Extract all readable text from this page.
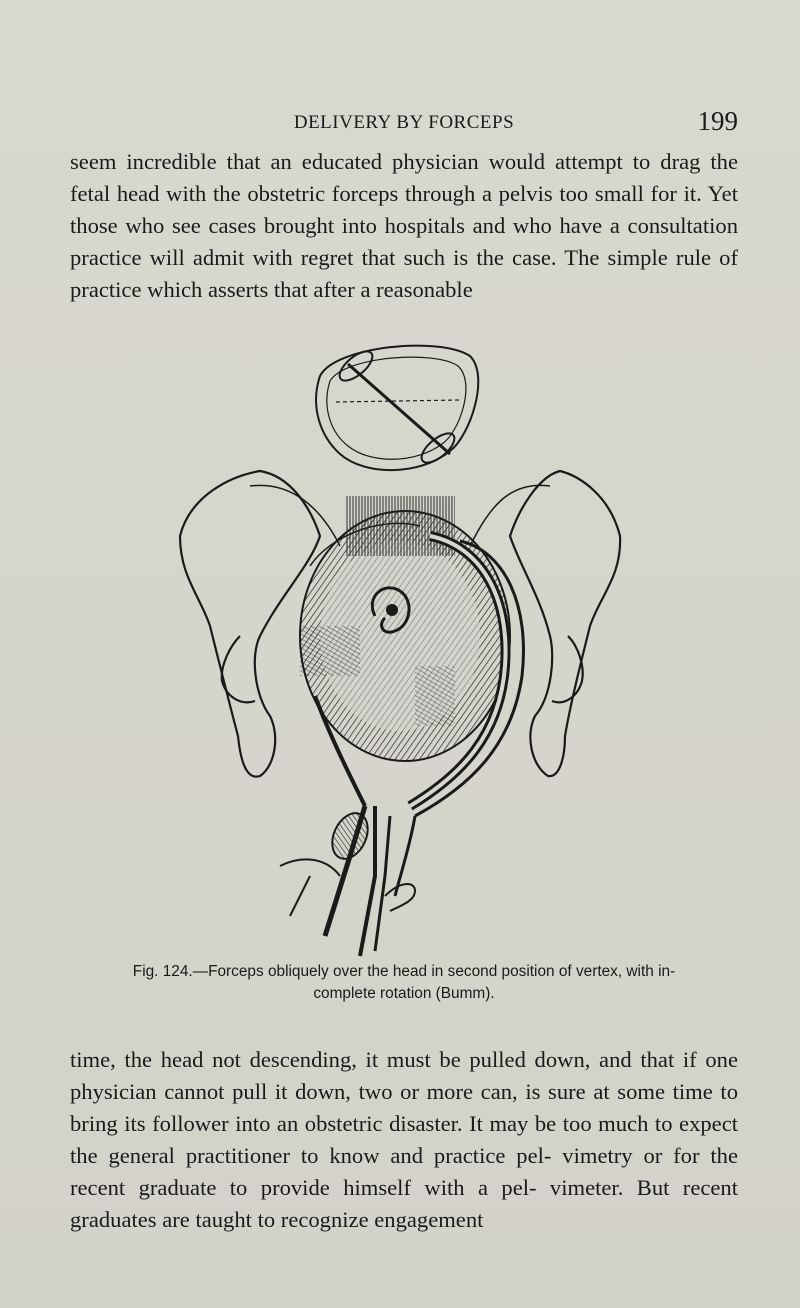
DELIVERY BY FORCEPS	199

seem incredible that an educated physician would attempt to drag the fetal head with the obstetric forceps through a pelvis too small for it. Yet those who see cases brought into hospitals and who have a consultation practice will admit with regret that such is the case. The simple rule of practice which asserts that after a reasonable

Fig. 124.—Forceps obliquely over the head in second position of vertex, with in-
complete rotation (Bumm).

time, the head not descending, it must be pulled down, and that if one physician cannot pull it down, two or more can, is sure at some time to bring its follower into an obstetric disaster. It may be too much to expect the general practitioner to know and practice pel- vimetry or for the recent graduate to provide himself with a pel- vimeter. But recent graduates are taught to recognize engagement
